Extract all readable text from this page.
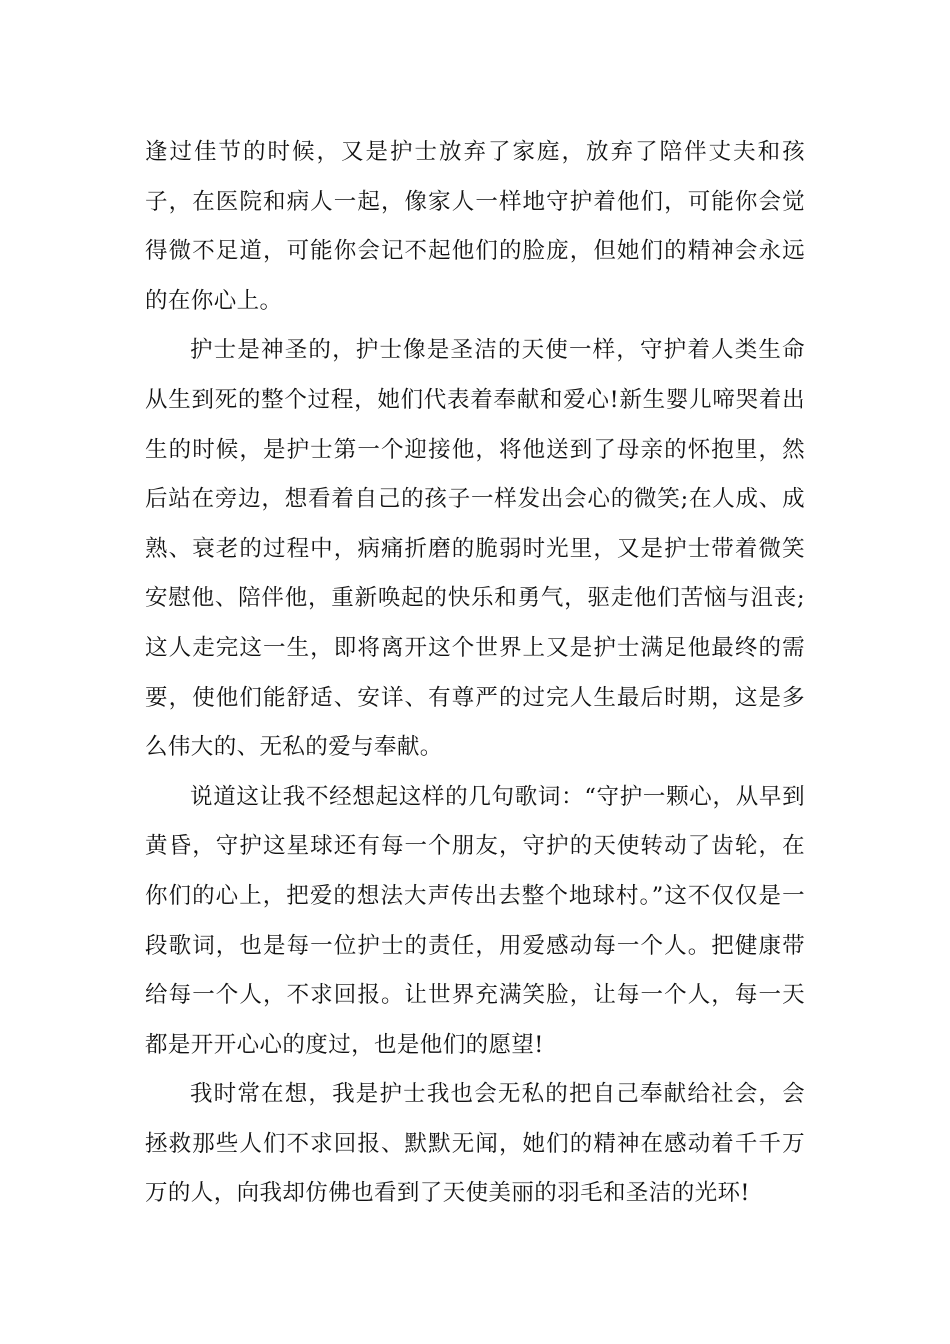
逢过佳节的时候，又是护士放弃了家庭，放弃了陪伴丈夫和孩子，在医院和病人一起，像家人一样地守护着他们，可能你会觉得微不足道，可能你会记不起他们的脸庞，但她们的精神会永远的在你心上。

护士是神圣的，护士像是圣洁的天使一样，守护着人类生命从生到死的整个过程，她们代表着奉献和爱心!新生婴儿啼哭着出生的时候，是护士第一个迎接他，将他送到了母亲的怀抱里，然后站在旁边，想看着自己的孩子一样发出会心的微笑;在人成、成熟、衰老的过程中，病痛折磨的脆弱时光里，又是护士带着微笑安慰他、陪伴他，重新唤起的快乐和勇气，驱走他们苦恼与沮丧;这人走完这一生，即将离开这个世界上又是护士满足他最终的需要，使他们能舒适、安详、有尊严的过完人生最后时期，这是多么伟大的、无私的爱与奉献。

说道这让我不经想起这样的几句歌词：“守护一颗心，从早到黄昏，守护这星球还有每一个朋友，守护的天使转动了齿轮，在你们的心上，把爱的想法大声传出去整个地球村。”这不仅仅是一段歌词，也是每一位护士的责任，用爱感动每一个人。把健康带给每一个人，不求回报。让世界充满笑脸，让每一个人，每一天都是开开心心的度过，也是他们的愿望!

我时常在想，我是护士我也会无私的把自己奉献给社会，会拯救那些人们不求回报、默默无闻，她们的精神在感动着千千万万的人，向我却仿佛也看到了天使美丽的羽毛和圣洁的光环!
